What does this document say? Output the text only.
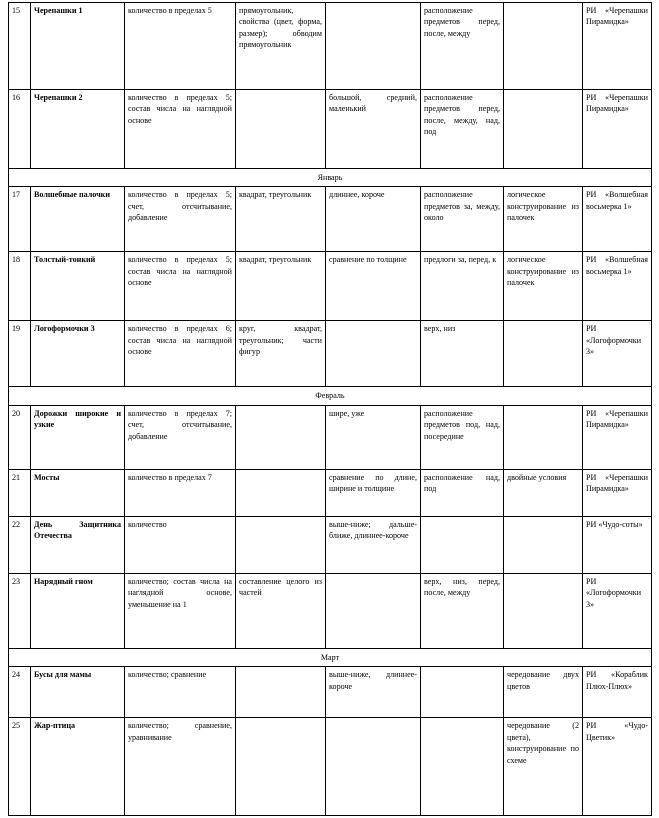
15	Черепашки 1	количество в пределах 5	прямоугольник, свойства (цвет, форма, размер); обводим прямоугольник		расположение предметов перед, после, между		РИ «Черепашки Пирамидка»
16	Черепашки 2	количество в пределах 5; состав числа на наглядной основе		большой, средний, маленький	расположение предметов перед, после, между, над, под		РИ «Черепашки Пирамидка»
Январь							
17	Волшебные палочки	количество в пределах 5; счет, отсчитывание, добавление	квадрат, треугольник	длиннее, короче	расположение предметов за, между, около	логическое конструирование из палочек	РИ «Волшебная восьмерка 1»
18	Толстый-тонкий	количество в пределах 5; состав числа на наглядной основе	квадрат, треугольник	сравнение по толщине	предлоги за, перед, к	логическое конструирование из палочек	РИ «Волшебная восьмерка 1»
19	Логоформочки 3	количество в пределах 6; состав числа на наглядной основе	круг, квадрат, треугольник; части фигур		верх, низ		РИ «Логоформочки 3»
Февраль							
20	Дорожки широкие и узкие	количество в пределах 7; счет, отсчитывание, добавление		шире, уже	расположение предметов под, над, посередине		РИ «Черепашки Пирамидка»
21	Мосты	количество в пределах 7		сравнение по длине, ширине и толщине	расположение над, под	двойные условия	РИ «Черепашки Пирамидка»
22	День Защитника Отечества	количество		выше-ниже; дальше-ближе, длиннее-короче			РИ «Чудо-соты»
23	Нарядный гном	количество; состав числа на наглядной основе, уменьшение на 1	составление целого из частей		верх, низ, перед, после, между		РИ «Логоформочки 3»
Март							
24	Бусы для мамы	количество; сравнение		выше-ниже, длиннее-короче		чередование двух цветов	РИ «Кораблик Плюх-Плюх»
25	Жар-птица	количество; сравнение, уравнивание				чередование (2 цвета), конструирование по схеме	РИ «Чудо-Цветик»
